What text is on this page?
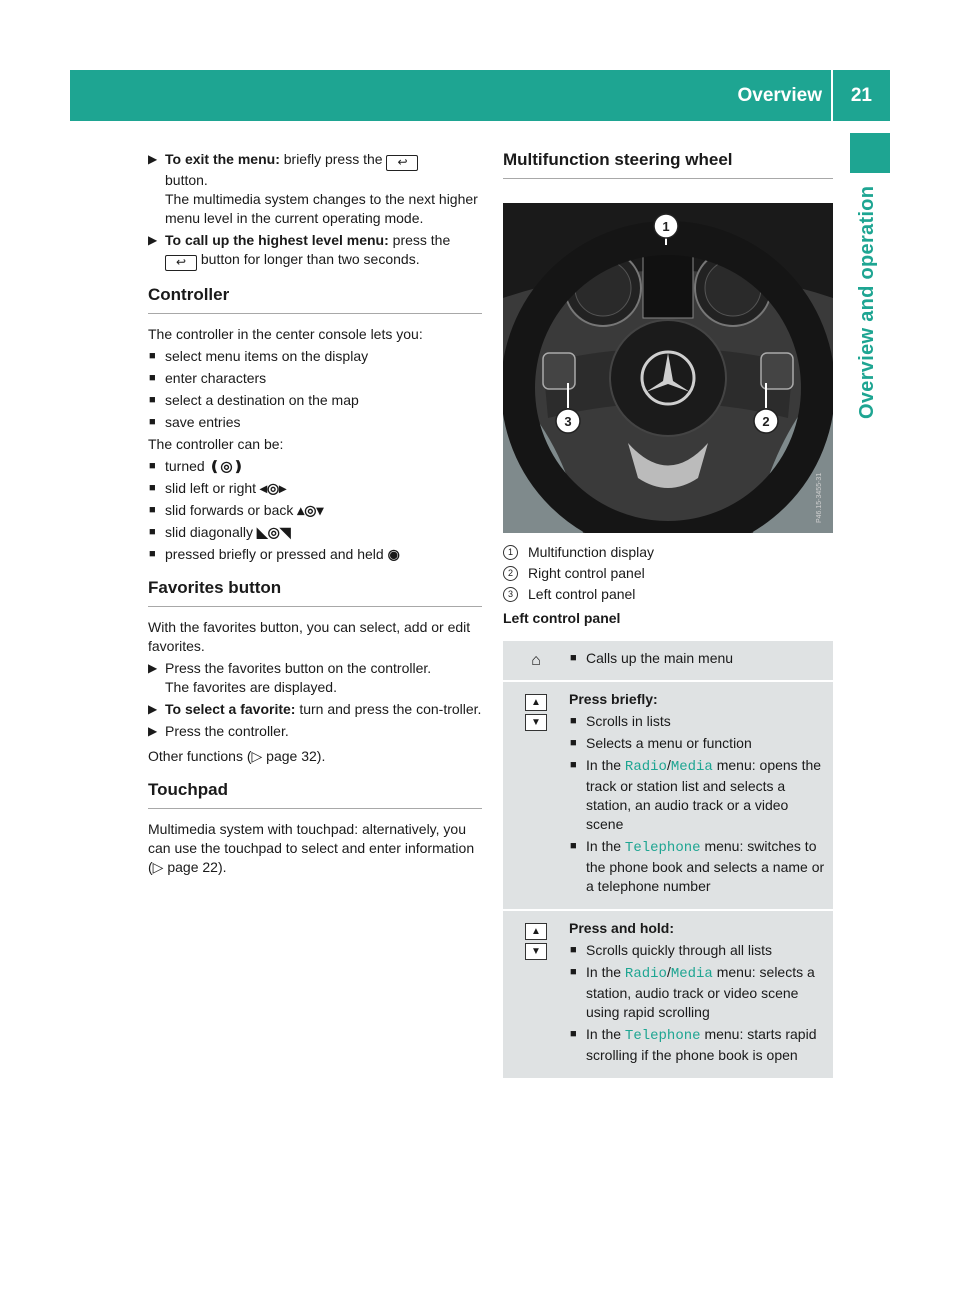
Overview 21
Overview and operation
▶ To exit the menu: briefly press the ↩
button.
The multimedia system changes to the next higher menu level in the current operating mode.
▶ To call up the highest level menu: press the
↩ button for longer than two seconds.
Controller

The controller in the center console lets you:

■ select menu items on the display
■ enter characters
■ select a destination on the map
■ save entries

The controller can be:

■ turned ❪◎❫
■ slid left or right ◂◎▸
■ slid forwards or back ▴◎▾
■ slid diagonally ◣◎◥
■ pressed briefly or pressed and held ◉
Favorites button

With the favorites button, you can select, add or edit favorites.

▶ Press the favorites button on the controller.
The favorites are displayed.
▶ To select a favorite: turn and press the con-troller.
▶ Press the controller.

Other functions (▷ page 32).

Touchpad

Multimedia system with touchpad: alternatively, you can use the touchpad to select and enter information (▷ page 22).

Multifunction steering wheel
1
3	2
P46.15-3455-31
1	Multifunction display
2	Right control panel
3	Left control panel

Left control panel

⌂	■ Calls up the main menu
▲
▼
Press briefly:
■ Scrolls in lists
■ Selects a menu or function
■ In the Radio/Media menu: opens the track or station list and selects a station, an audio track or a video scene
■ In the Telephone menu: switches to the phone book and selects a name or a telephone number
▲
▼
Press and hold:
■ Scrolls quickly through all lists
■ In the Radio/Media menu: selects a station, audio track or video scene using rapid scrolling
■ In the Telephone menu: starts rapid scrolling if the phone book is open
